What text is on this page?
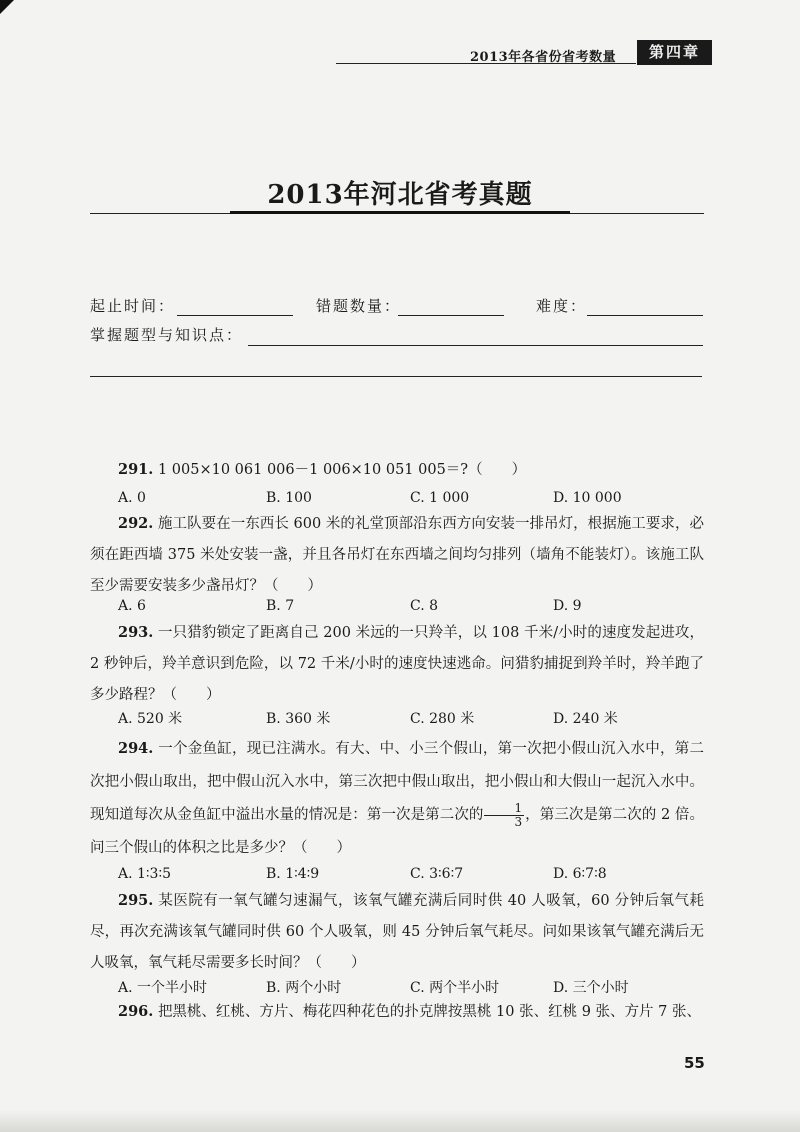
2013年各省份省考数量	第四章
2013年河北省考真题
起止时间：	错题数量：	难度：
掌握题型与知识点：
291. 1 005×10 061 006－1 006×10 051 005＝?（　　）
A. 0	B. 100	C. 1 000	D. 10 000
292. 施工队要在一东西长 600 米的礼堂顶部沿东西方向安装一排吊灯，根据施工要求，必须在距西墙 375 米处安装一盏，并且各吊灯在东西墙之间均匀排列（墙角不能装灯）。该施工队至少需要安装多少盏吊灯？（　　）
A. 6	B. 7	C. 8	D. 9
293. 一只猎豹锁定了距离自己 200 米远的一只羚羊，以 108 千米/小时的速度发起进攻，2 秒钟后，羚羊意识到危险，以 72 千米/小时的速度快速逃命。问猎豹捕捉到羚羊时，羚羊跑了多少路程？（　　）
A. 520 米	B. 360 米	C. 280 米	D. 240 米
294. 一个金鱼缸，现已注满水。有大、中、小三个假山，第一次把小假山沉入水中，第二次把小假山取出，把中假山沉入水中，第三次把中假山取出，把小假山和大假山一起沉入水中。现知道每次从金鱼缸中溢出水量的情况是：第一次是第二次的 $\frac{1}{3}$ ，第三次是第二次的 2 倍。问三个假山的体积之比是多少？（　　）
A. 1∶3∶5	B. 1∶4∶9	C. 3∶6∶7	D. 6∶7∶8
295. 某医院有一氧气罐匀速漏气，该氧气罐充满后同时供 40 人吸氧，60 分钟后氧气耗尽，再次充满该氧气罐同时供 60 个人吸氧，则 45 分钟后氧气耗尽。问如果该氧气罐充满后无人吸氧，氧气耗尽需要多长时间？（　　）
A. 一个半小时	B. 两个小时	C. 两个半小时	D. 三个小时
296. 把黑桃、红桃、方片、梅花四种花色的扑克牌按黑桃 10 张、红桃 9 张、方片 7 张、
55
